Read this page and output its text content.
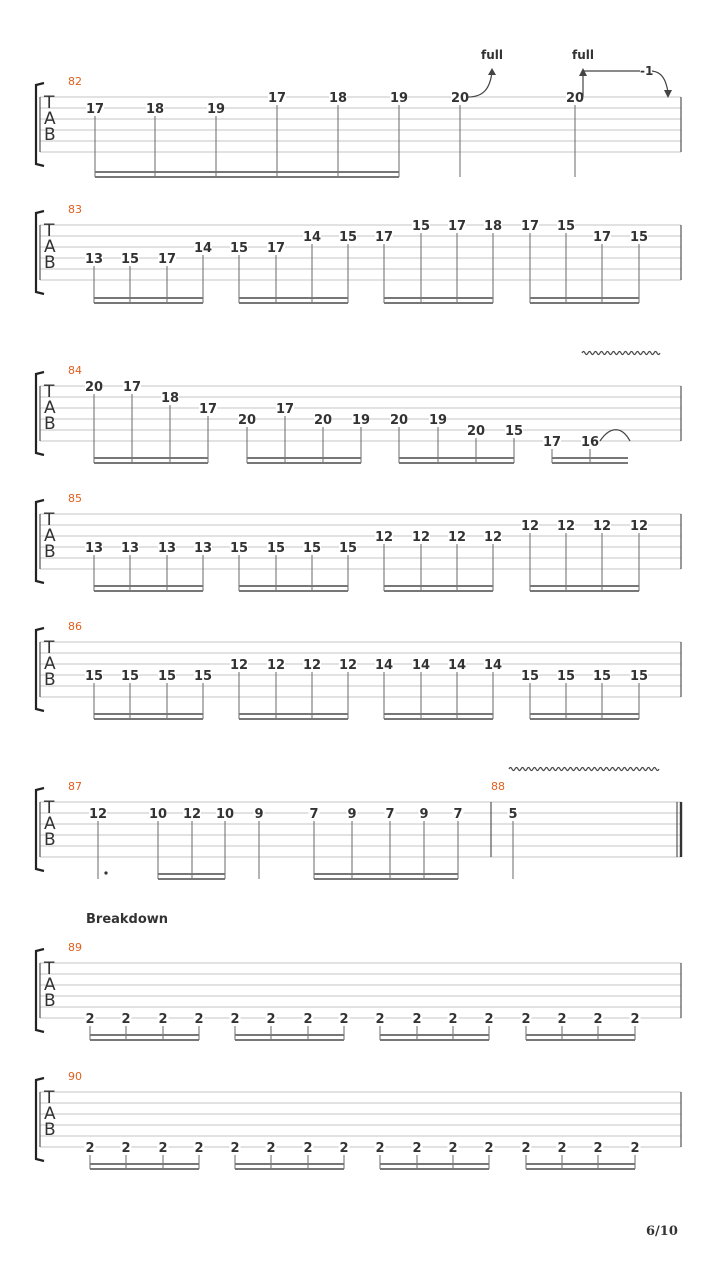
T
A
B
82
17	18	19
17	18	19	20	20
T
A
B
83
13 15 17
14 15 17
14 15 17
15 17 18 17 15
17 15
T
A
B
84
20 17
18
17
20
17
20 19 20 19
20 15
17 16
T
A
B
85
13 13 13 13 15 15 15 15
12 12 12 12
12 12 12 12
T
A
B
86
15 15 15 15
12 12 12 12 14 14 14 14
15 15 15 15
T
A
B
87
12	10 12 10 9	7 9 7 9 7
88
5
T
A
B
89
2 2 2 2 2 2 2 2 2 2 2 2 2 2 2 2
T
A
B
90
2 2 2 2 2 2 2 2 2 2 2 2 2 2 2 2
Breakdown
full	full
-1
6/10
